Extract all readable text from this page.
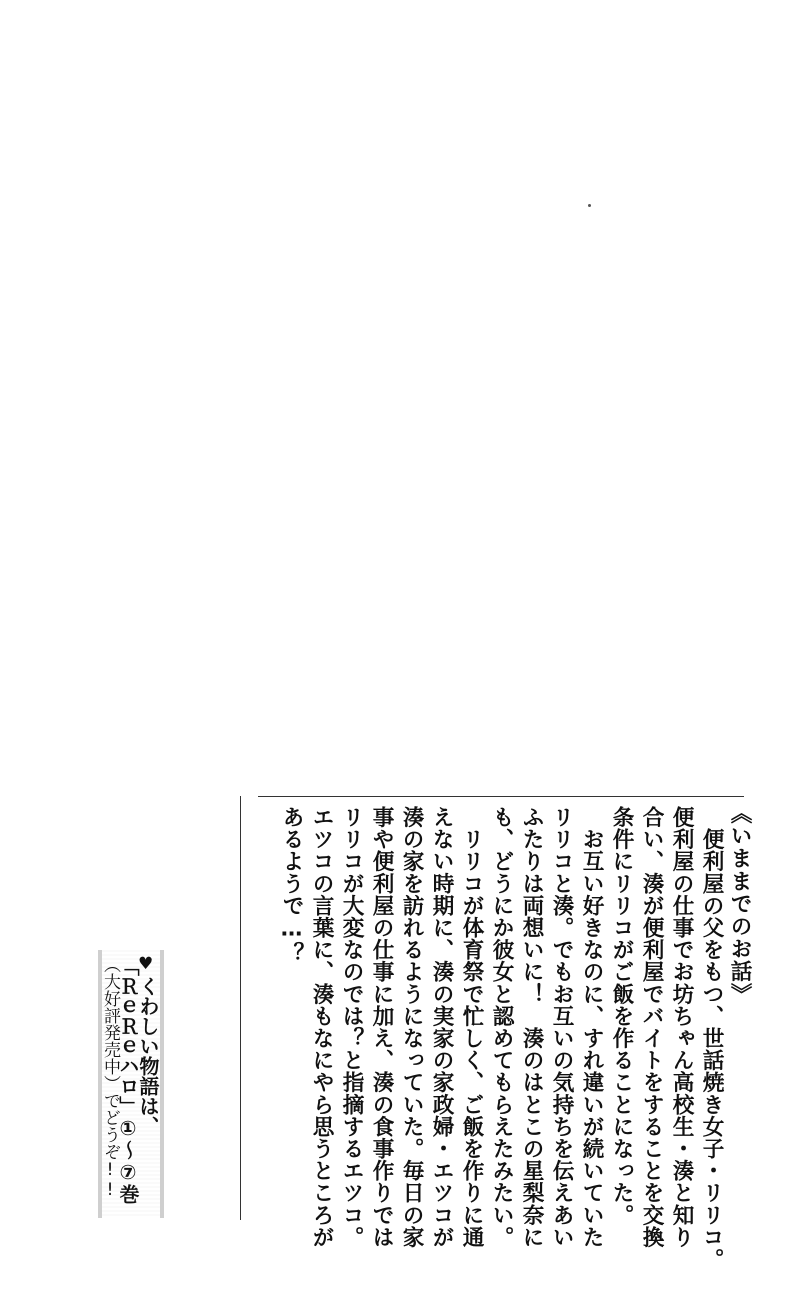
《いままでのお話》
　便利屋の父をもつ、世話焼き女子・リリコ。
便利屋の仕事でお坊ちゃん高校生・湊と知り
合い、湊が便利屋でバイトをすることを交換
条件にリリコがご飯を作ることになった。
　お互い好きなのに、すれ違いが続いていた
リリコと湊。でもお互いの気持ちを伝えあい
ふたりは両想いに！　湊のはとこの星梨奈に
も、どうにか彼女と認めてもらえたみたい。
　リリコが体育祭で忙しく、ご飯を作りに通
えない時期に、湊の実家の家政婦・エツコが
湊の家を訪れるようになっていた。毎日の家
事や便利屋の仕事に加え、湊の食事作りでは
リリコが大変なのでは？と指摘するエツコ。
エツコの言葉に、湊もなにやら思うところが
あるようで…？
くわしい物語は、
「ＲｅＲｅハロ」①〜⑦巻
（大好評発売中）でどうぞ!! ♥
